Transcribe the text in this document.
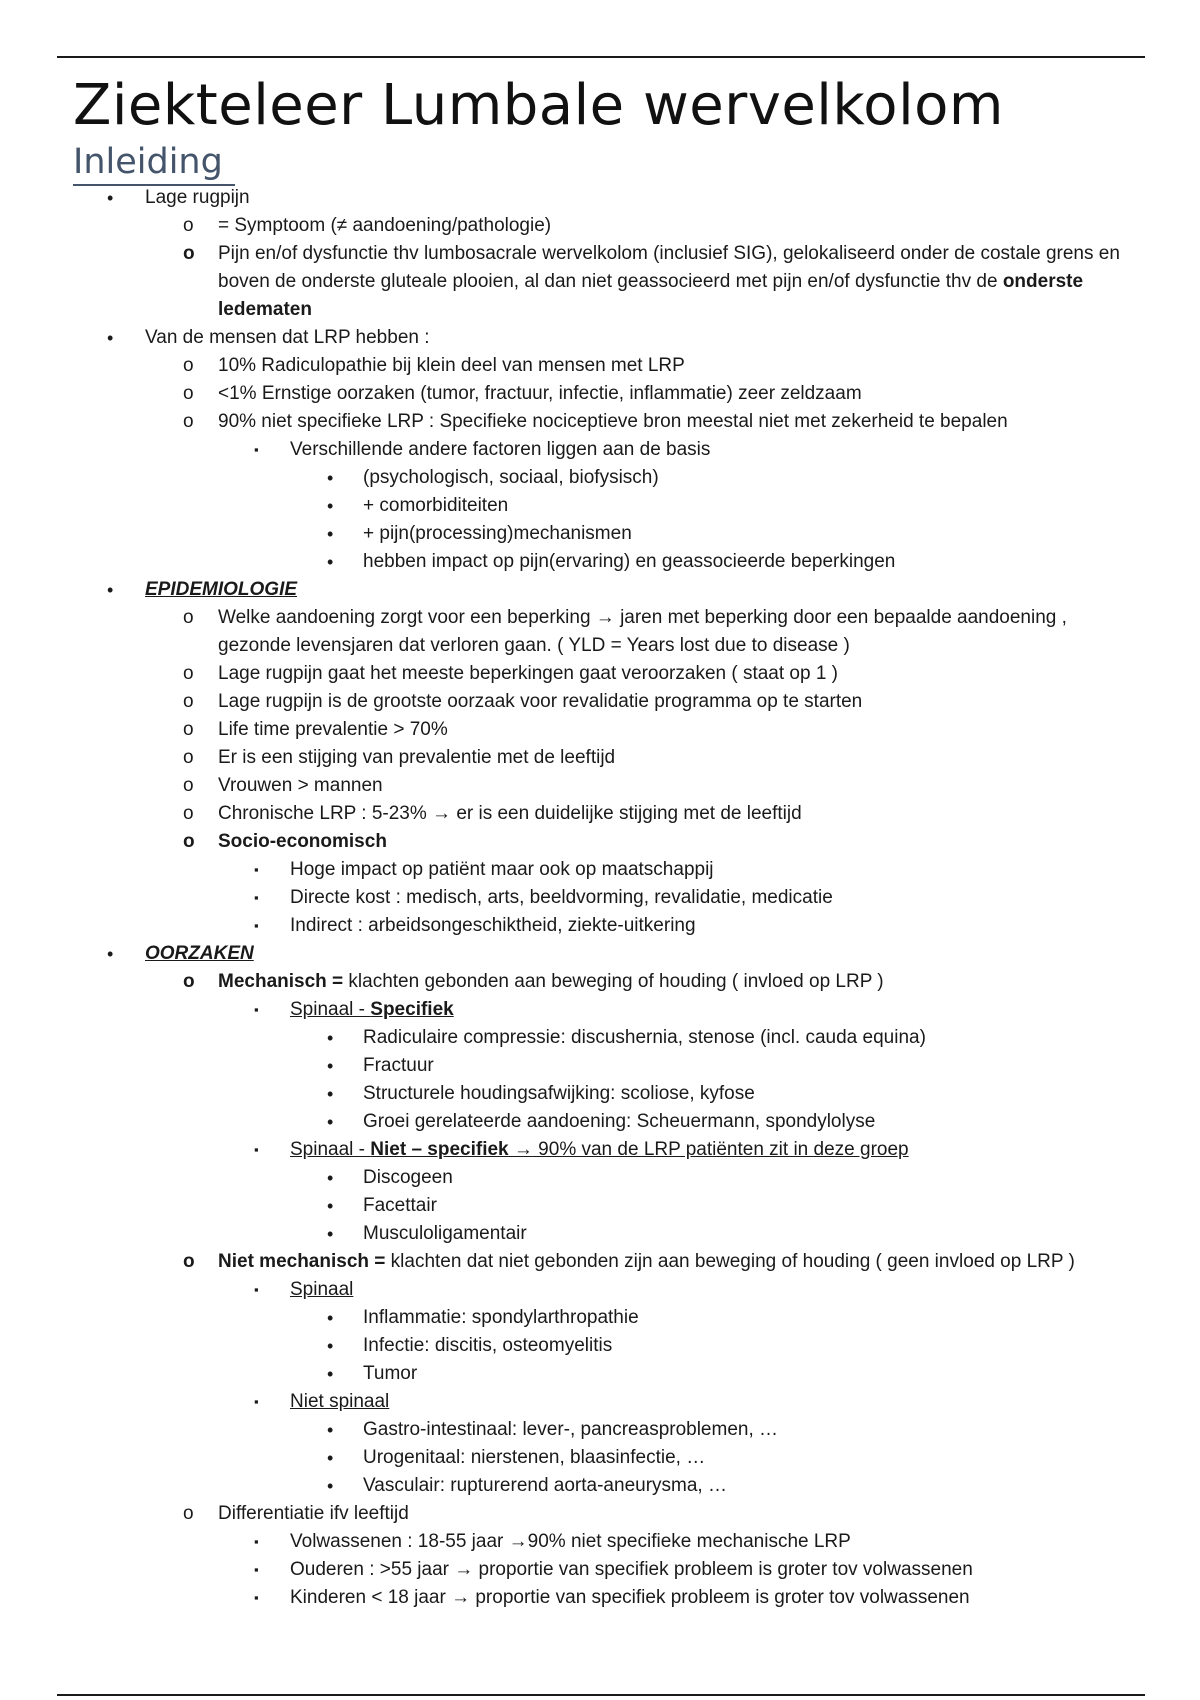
Ziekteleer Lumbale wervelkolom
Inleiding
• Lage rugpijn
o = Symptoom (≠ aandoening/pathologie)
o Pijn en/of dysfunctie thv lumbosacrale wervelkolom (inclusief SIG), gelokaliseerd onder de costale grens en boven de onderste gluteale plooien, al dan niet geassocieerd met pijn en/of dysfunctie thv de onderste ledematen
• Van de mensen dat LRP hebben :
o 10% Radiculopathie bij klein deel van mensen met LRP
o <1% Ernstige oorzaken (tumor, fractuur, infectie, inflammatie) zeer zeldzaam
o 90% niet specifieke LRP : Specifieke nociceptieve bron meestal niet met zekerheid te bepalen
▪ Verschillende andere factoren liggen aan de basis
• (psychologisch, sociaal, biofysisch)
• + comorbiditeiten
• + pijn(processing)mechanismen
• hebben impact op pijn(ervaring) en geassocieerde beperkingen
• EPIDEMIOLOGIE
o Welke aandoening zorgt voor een beperking → jaren met beperking door een bepaalde aandoening , gezonde levensjaren dat verloren gaan. ( YLD = Years lost due to disease )
o Lage rugpijn gaat het meeste beperkingen gaat veroorzaken ( staat op 1 )
o Lage rugpijn is de grootste oorzaak voor revalidatie programma op te starten
o Life time prevalentie > 70%
o Er is een stijging van prevalentie met de leeftijd
o Vrouwen > mannen
o Chronische LRP : 5-23% → er is een duidelijke stijging met de leeftijd
o Socio-economisch
▪ Hoge impact op patiënt maar ook op maatschappij
▪ Directe kost : medisch, arts, beeldvorming, revalidatie, medicatie
▪ Indirect : arbeidsongeschiktheid, ziekte-uitkering
• OORZAKEN
o Mechanisch = klachten gebonden aan beweging of houding ( invloed op LRP )
▪ Spinaal - Specifiek
• Radiculaire compressie: discushernia, stenose (incl. cauda equina)
• Fractuur
• Structurele houdingsafwijking: scoliose, kyfose
• Groei gerelateerde aandoening: Scheuermann, spondylolyse
▪ Spinaal - Niet – specifiek → 90% van de LRP patiënten zit in deze groep
• Discogeen
• Facettair
• Musculoligamentair
o Niet mechanisch = klachten dat niet gebonden zijn aan beweging of houding ( geen invloed op LRP )
▪ Spinaal
• Inflammatie: spondylarthropathie
• Infectie: discitis, osteomyelitis
• Tumor
▪ Niet spinaal
• Gastro-intestinaal: lever-, pancreasproblemen, …
• Urogenitaal: nierstenen, blaasinfectie, …
• Vasculair: rupturerend aorta-aneurysma, …
o Differentiatie ifv leeftijd
▪ Volwassenen : 18-55 jaar →90% niet specifieke mechanische LRP
▪ Ouderen : >55 jaar → proportie van specifiek probleem is groter tov volwassenen
▪ Kinderen < 18 jaar → proportie van specifiek probleem is groter tov volwassenen
